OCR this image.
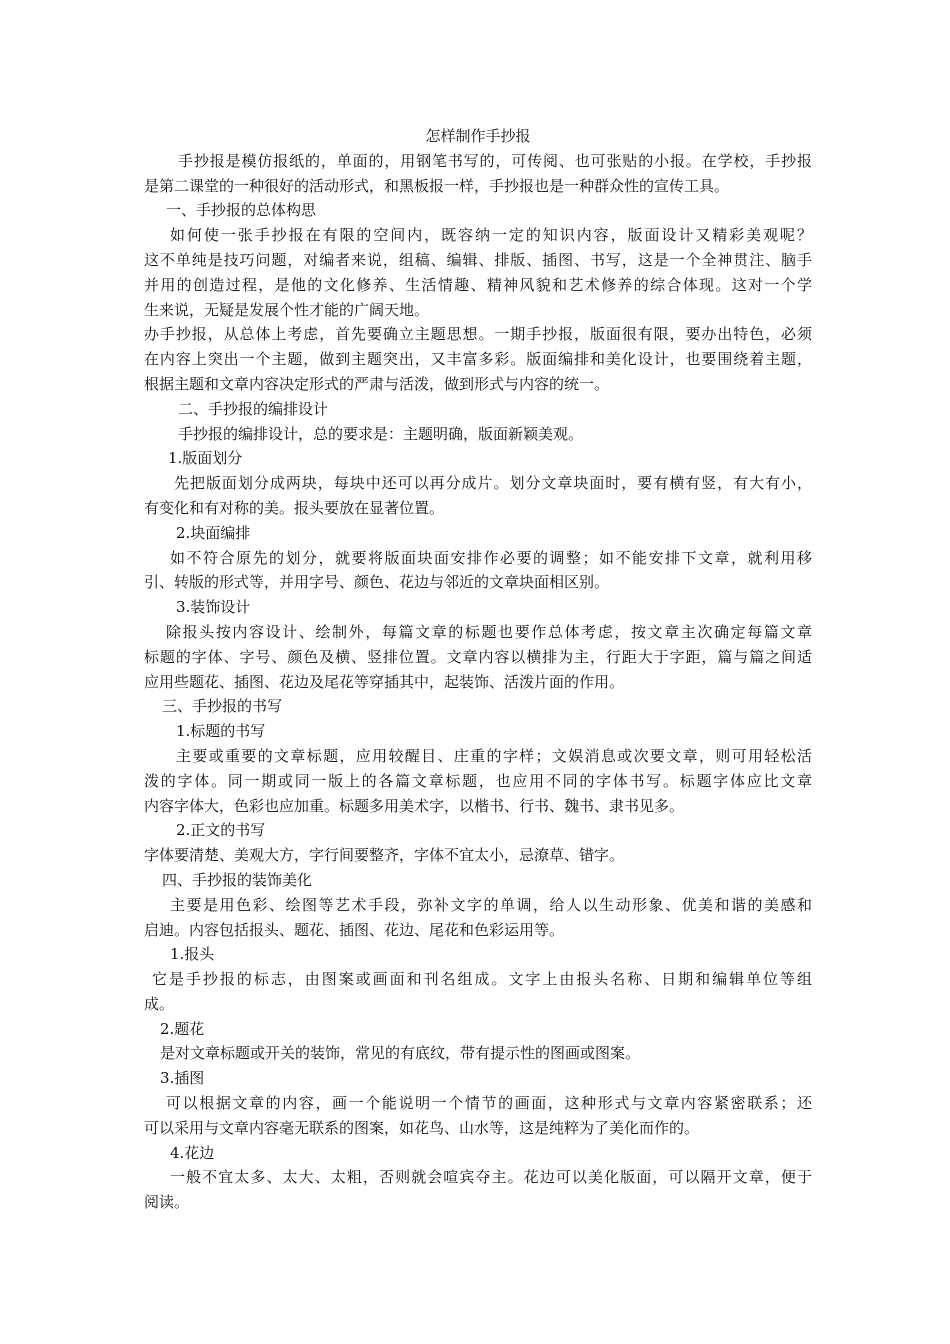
怎样制作手抄报
手抄报是模仿报纸的，单面的，用钢笔书写的，可传阅、也可张贴的小报。在学校，手抄报
是第二课堂的一种很好的活动形式，和黑板报一样，手抄报也是一种群众性的宣传工具。
一、手抄报的总体构思
如何使一张手抄报在有限的空间内，既容纳一定的知识内容，版面设计又精彩美观呢？
这不单纯是技巧问题，对编者来说，组稿、编辑、排版、插图、书写，这是一个全神贯注、脑手
并用的创造过程，是他的文化修养、生活情趣、精神风貌和艺术修养的综合体现。这对一个学
生来说，无疑是发展个性才能的广阔天地。
办手抄报，从总体上考虑，首先要确立主题思想。一期手抄报，版面很有限，要办出特色，必须
在内容上突出一个主题，做到主题突出，又丰富多彩。版面编排和美化设计，也要围绕着主题，
根据主题和文章内容决定形式的严肃与活泼，做到形式与内容的统一。
二、手抄报的编排设计
手抄报的编排设计，总的要求是：主题明确，版面新颖美观。
1.版面划分
先把版面划分成两块，每块中还可以再分成片。划分文章块面时，要有横有竖，有大有小，
有变化和有对称的美。报头要放在显著位置。
2.块面编排
如不符合原先的划分，就要将版面块面安排作必要的调整；如不能安排下文章，就利用移
引、转版的形式等，并用字号、颜色、花边与邻近的文章块面相区别。
3.装饰设计
除报头按内容设计、绘制外，每篇文章的标题也要作总体考虑，按文章主次确定每篇文章
标题的字体、字号、颜色及横、竖排位置。文章内容以横排为主，行距大于字距，篇与篇之间适
应用些题花、插图、花边及尾花等穿插其中，起装饰、活泼片面的作用。
三、手抄报的书写
1.标题的书写
主要或重要的文章标题，应用较醒目、庄重的字样；文娱消息或次要文章，则可用轻松活
泼的字体。同一期或同一版上的各篇文章标题，也应用不同的字体书写。标题字体应比文章
内容字体大，色彩也应加重。标题多用美术字，以楷书、行书、魏书、隶书见多。
2.正文的书写
字体要清楚、美观大方，字行间要整齐，字体不宜太小，忌潦草、错字。
四、手抄报的装饰美化
主要是用色彩、绘图等艺术手段，弥补文字的单调，给人以生动形象、优美和谐的美感和
启迪。内容包括报头、题花、插图、花边、尾花和色彩运用等。
1.报头
它是手抄报的标志，由图案或画面和刊名组成。文字上由报头名称、日期和编辑单位等组
成。
2.题花
是对文章标题或开关的装饰，常见的有底纹，带有提示性的图画或图案。
3.插图
可以根据文章的内容，画一个能说明一个情节的画面，这种形式与文章内容紧密联系；还
可以采用与文章内容毫无联系的图案，如花鸟、山水等，这是纯粹为了美化而作的。
4.花边
一般不宜太多、太大、太粗，否则就会喧宾夺主。花边可以美化版面，可以隔开文章，便于
阅读。
